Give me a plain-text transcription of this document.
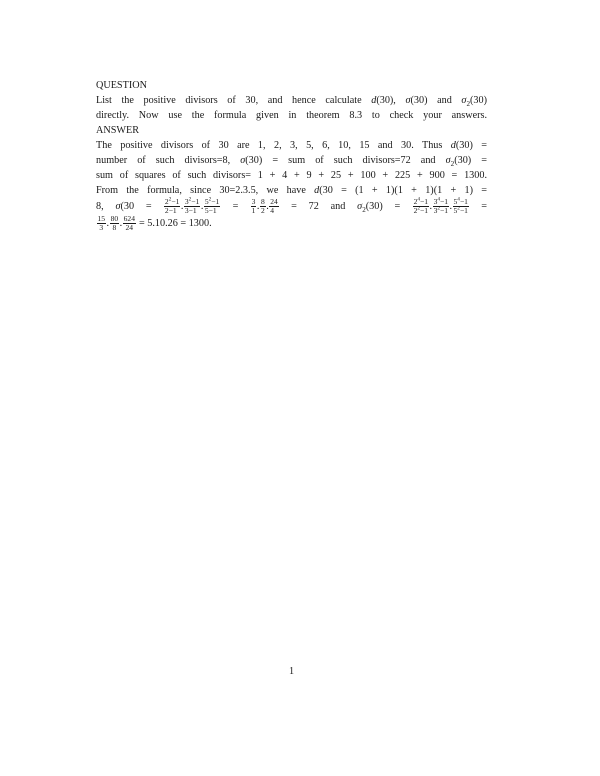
QUESTION
List the positive divisors of 30, and hence calculate d(30), σ(30) and $\sigma_2(30)$
directly. Now use the formula given in theorem 8.3 to check your answers.
ANSWER
The positive divisors of 30 are 1, 2, 3, 5, 6, 10, 15 and 30. Thus d(30) =
number of such divisors=8, σ(30) = sum of such divisors=72 and $\sigma_2(30)$ =
sum of squares of such divisors= 1 + 4 + 9 + 25 + 100 + 225 + 900 = 1300.
From the formula, since 30=2.3.5, we have d(30 = (1 + 1)(1 + 1)(1 + 1) =
8, $\sigma(30 = \frac{2^2-1}{2-1}$ . $\frac{3^2-1}{3-1}$ . $\frac{5^2-1}{5-1} = \frac{3}{1}$ . $\frac{8}{2}$ . $\frac{24}{4} = 72$ and $\sigma_2(30) = \frac{2^4-1}{2^2-1}$ . $\frac{3^4-1}{3^2-1}$ . $\frac{5^4-1}{5^2-1}$ =
$\frac{15}{3}$ . $\frac{80}{8}$ . $\frac{624}{24} = 5.10.26 = 1300$.
1
